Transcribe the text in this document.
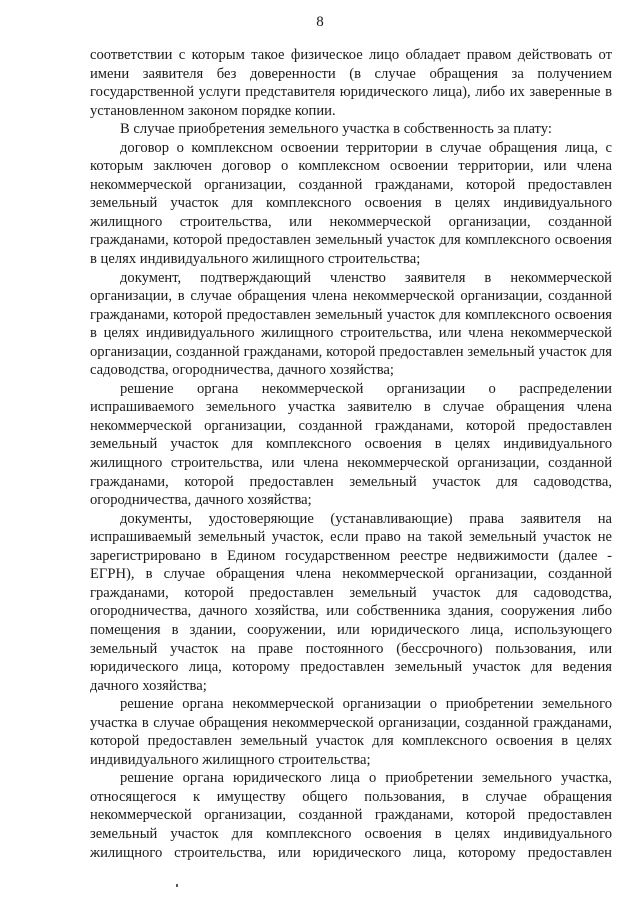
8

соответствии с которым такое физическое лицо обладает правом действовать от имени заявителя без доверенности (в случае обращения за получением государственной услуги представителя юридического лица), либо их заверенные в установленном законом порядке копии.

В случае приобретения земельного участка в собственность за плату:

договор о комплексном освоении территории в случае обращения лица, с которым заключен договор о комплексном освоении территории, или члена некоммерческой организации, созданной гражданами, которой предоставлен земельный участок для комплексного освоения в целях индивидуального жилищного строительства, или некоммерческой организации, созданной гражданами, которой предоставлен земельный участок для комплексного освоения в целях индивидуального жилищного строительства;

документ, подтверждающий членство заявителя в некоммерческой организации, в случае обращения члена некоммерческой организации, созданной гражданами, которой предоставлен земельный участок для комплексного освоения в целях индивидуального жилищного строительства, или члена некоммерческой организации, созданной гражданами, которой предоставлен земельный участок для садоводства, огородничества, дачного хозяйства;

решение органа некоммерческой организации о распределении испрашиваемого земельного участка заявителю в случае обращения члена некоммерческой организации, созданной гражданами, которой предоставлен земельный участок для комплексного освоения в целях индивидуального жилищного строительства, или члена некоммерческой организации, созданной гражданами, которой предоставлен земельный участок для садоводства, огородничества, дачного хозяйства;

документы, удостоверяющие (устанавливающие) права заявителя на испрашиваемый земельный участок, если право на такой земельный участок не зарегистрировано в Едином государственном реестре недвижимости (далее - ЕГРН), в случае обращения члена некоммерческой организации, созданной гражданами, которой предоставлен земельный участок для садоводства, огородничества, дачного хозяйства, или собственника здания, сооружения либо помещения в здании, сооружении, или юридического лица, использующего земельный участок на праве постоянного (бессрочного) пользования, или юридического лица, которому предоставлен земельный участок для ведения дачного хозяйства;

решение органа некоммерческой организации о приобретении земельного участка в случае обращения некоммерческой организации, созданной гражданами, которой предоставлен земельный участок для комплексного освоения в целях индивидуального жилищного строительства;

решение органа юридического лица о приобретении земельного участка, относящегося к имуществу общего пользования, в случае обращения некоммерческой организации, созданной гражданами, которой предоставлен земельный участок для комплексного освоения в целях индивидуального жилищного строительства, или юридического лица, которому предоставлен
